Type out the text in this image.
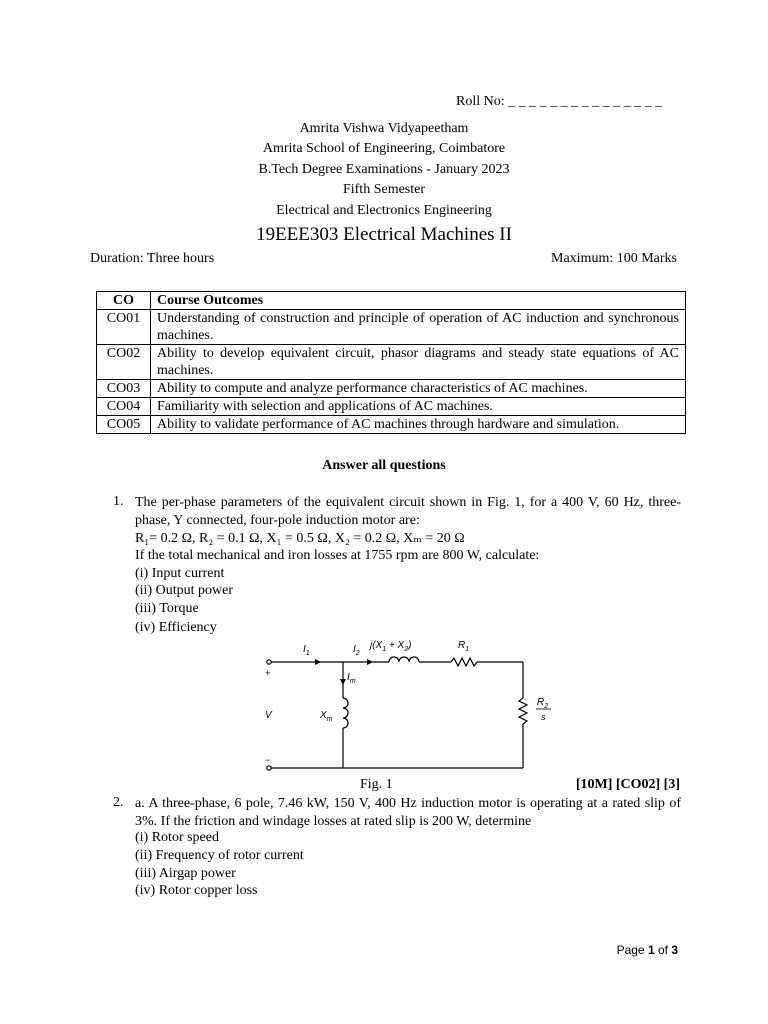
Roll No: _ _ _ _ _ _ _ _ _ _ _ _ _ _ _
Amrita Vishwa Vidyapeetham
Amrita School of Engineering, Coimbatore
B.Tech Degree Examinations - January 2023
Fifth Semester
Electrical and Electronics Engineering
19EEE303 Electrical Machines II
Duration: Three hours	Maximum: 100 Marks
CO	Course Outcomes
CO01	Understanding of construction and principle of operation of AC induction and synchronous machines.
CO02	Ability to develop equivalent circuit, phasor diagrams and steady state equations of AC machines.
CO03	Ability to compute and analyze performance characteristics of AC machines.
CO04	Familiarity with selection and applications of AC machines.
CO05	Ability to validate performance of AC machines through hardware and simulation.
Answer all questions
1. The per-phase parameters of the equivalent circuit shown in Fig. 1, for a 400 V, 60 Hz, three-phase, Y connected, four-pole induction motor are:
R₁= 0.2 Ω, R₂ = 0.1 Ω, X₁ = 0.5 Ω, X₂ = 0.2 Ω, Xₘ = 20 Ω
If the total mechanical and iron losses at 1755 rpm are 800 W, calculate:
(i) Input current
(ii) Output power
(iii) Torque
(iv) Efficiency
$I_1$	$I_2$
$j(X_1 + X_2)$	$R_1$
$I_m$
$X_m$
V
+
−
$R_2$
s
Fig. 1	[10M] [CO02] [3]
2. a. A three-phase, 6 pole, 7.46 kW, 150 V, 400 Hz induction motor is operating at a rated slip of 3%. If the friction and windage losses at rated slip is 200 W, determine
(i) Rotor speed
(ii) Frequency of rotor current
(iii) Airgap power
(iv) Rotor copper loss
Page 1 of 3
